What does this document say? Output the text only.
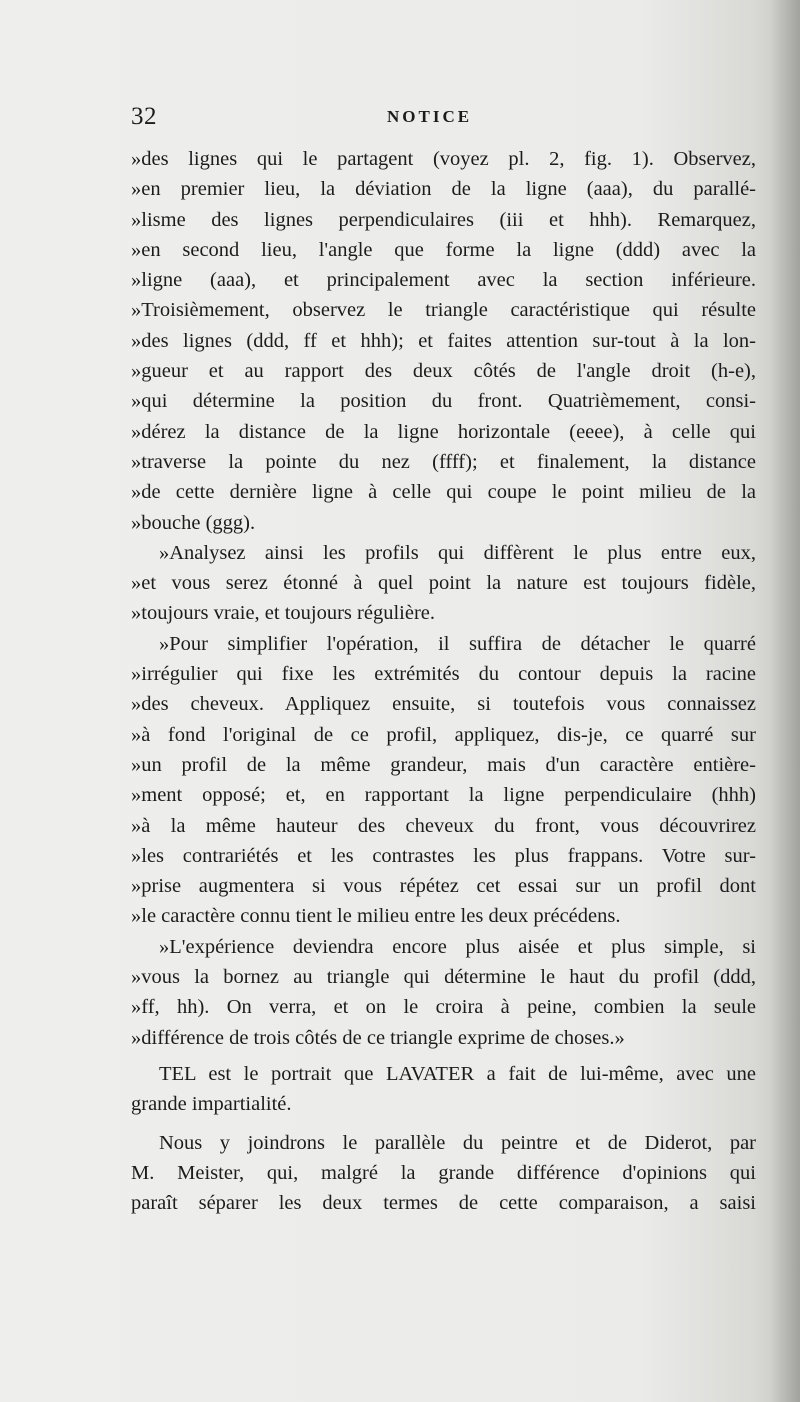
32	NOTICE
»des lignes qui le partagent (voyez pl. 2, fig. 1). Observez,
»en premier lieu, la déviation de la ligne (aaa), du parallé-
»lisme des lignes perpendiculaires (iii et hhh). Remarquez,
»en second lieu, l'angle que forme la ligne (ddd) avec la
»ligne (aaa), et principalement avec la section inférieure.
»Troisièmement, observez le triangle caractéristique qui résulte
»des lignes (ddd, ff et hhh); et faites attention sur-tout à la lon-
»gueur et au rapport des deux côtés de l'angle droit (h-e),
»qui détermine la position du front. Quatrièmement, consi-
»dérez la distance de la ligne horizontale (eeee), à celle qui
»traverse la pointe du nez (ffff); et finalement, la distance
»de cette dernière ligne à celle qui coupe le point milieu de la
»bouche (ggg).
»Analysez ainsi les profils qui diffèrent le plus entre eux,
»et vous serez étonné à quel point la nature est toujours fidèle,
»toujours vraie, et toujours régulière.
»Pour simplifier l'opération, il suffira de détacher le quarré
»irrégulier qui fixe les extrémités du contour depuis la racine
»des cheveux. Appliquez ensuite, si toutefois vous connaissez
»à fond l'original de ce profil, appliquez, dis-je, ce quarré sur
»un profil de la même grandeur, mais d'un caractère entière-
»ment opposé; et, en rapportant la ligne perpendiculaire (hhh)
»à la même hauteur des cheveux du front, vous découvrirez
»les contrariétés et les contrastes les plus frappans. Votre sur-
»prise augmentera si vous répétez cet essai sur un profil dont
»le caractère connu tient le milieu entre les deux précédens.
»L'expérience deviendra encore plus aisée et plus simple, si
»vous la bornez au triangle qui détermine le haut du profil (ddd,
»ff, hh). On verra, et on le croira à peine, combien la seule
»différence de trois côtés de ce triangle exprime de choses.»
TEL est le portrait que LAVATER a fait de lui-même, avec une
grande impartialité.
Nous y joindrons le parallèle du peintre et de Diderot, par
M. Meister, qui, malgré la grande différence d'opinions qui
paraît séparer les deux termes de cette comparaison, a saisi
